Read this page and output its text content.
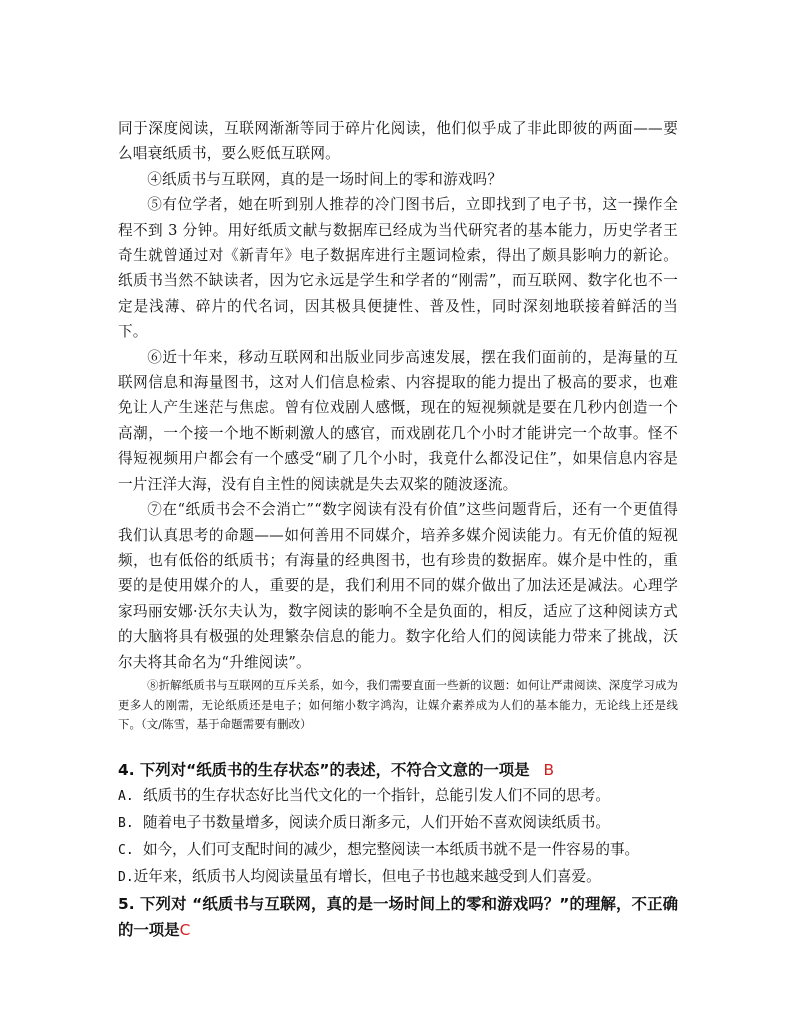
同于深度阅读，互联网渐渐等同于碎片化阅读，他们似乎成了非此即彼的两面——要么唱衰纸质书，要么贬低互联网。

④纸质书与互联网，真的是一场时间上的零和游戏吗？

⑤有位学者，她在听到别人推荐的冷门图书后，立即找到了电子书，这一操作全程不到 3 分钟。用好纸质文献与数据库已经成为当代研究者的基本能力，历史学者王奇生就曾通过对《新青年》电子数据库进行主题词检索，得出了颇具影响力的新论。纸质书当然不缺读者，因为它永远是学生和学者的“刚需”，而互联网、数字化也不一定是浅薄、碎片的代名词，因其极具便捷性、普及性，同时深刻地联接着鲜活的当下。

⑥近十年来，移动互联网和出版业同步高速发展，摆在我们面前的，是海量的互联网信息和海量图书，这对人们信息检索、内容提取的能力提出了极高的要求，也难免让人产生迷茫与焦虑。曾有位戏剧人感慨，现在的短视频就是要在几秒内创造一个高潮，一个接一个地不断刺激人的感官，而戏剧花几个小时才能讲完一个故事。怪不得短视频用户都会有一个感受“刷了几个小时，我竟什么都没记住”，如果信息内容是一片汪洋大海，没有自主性的阅读就是失去双桨的随波逐流。

⑦在“纸质书会不会消亡”“数字阅读有没有价值”这些问题背后，还有一个更值得我们认真思考的命题——如何善用不同媒介，培养多媒介阅读能力。有无价值的短视频，也有低俗的纸质书；有海量的经典图书，也有珍贵的数据库。媒介是中性的，重要的是使用媒介的人，重要的是，我们利用不同的媒介做出了加法还是减法。心理学家玛丽安娜·沃尔夫认为，数字阅读的影响不全是负面的，相反，适应了这种阅读方式的大脑将具有极强的处理繁杂信息的能力。数字化给人们的阅读能力带来了挑战，沃尔夫将其命名为“升维阅读”。

⑧折解纸质书与互联网的互斥关系，如今，我们需要直面一些新的议题：如何让严肃阅读、深度学习成为更多人的刚需，无论纸质还是电子；如何缩小数字鸿沟，让媒介素养成为人们的基本能力，无论线上还是线下。（文/陈雪，基于命题需要有删改）

4. 下列对“纸质书的生存状态”的表述，不符合文意的一项是 B

A. 纸质书的生存状态好比当代文化的一个指针，总能引发人们不同的思考。

B. 随着电子书数量增多，阅读介质日渐多元，人们开始不喜欢阅读纸质书。

C. 如今，人们可支配时间的减少，想完整阅读一本纸质书就不是一件容易的事。

D.近年来，纸质书人均阅读量虽有增长，但电子书也越来越受到人们喜爱。

5. 下列对 “纸质书与互联网，真的是一场时间上的零和游戏吗？”的理解，不正确的一项是C
